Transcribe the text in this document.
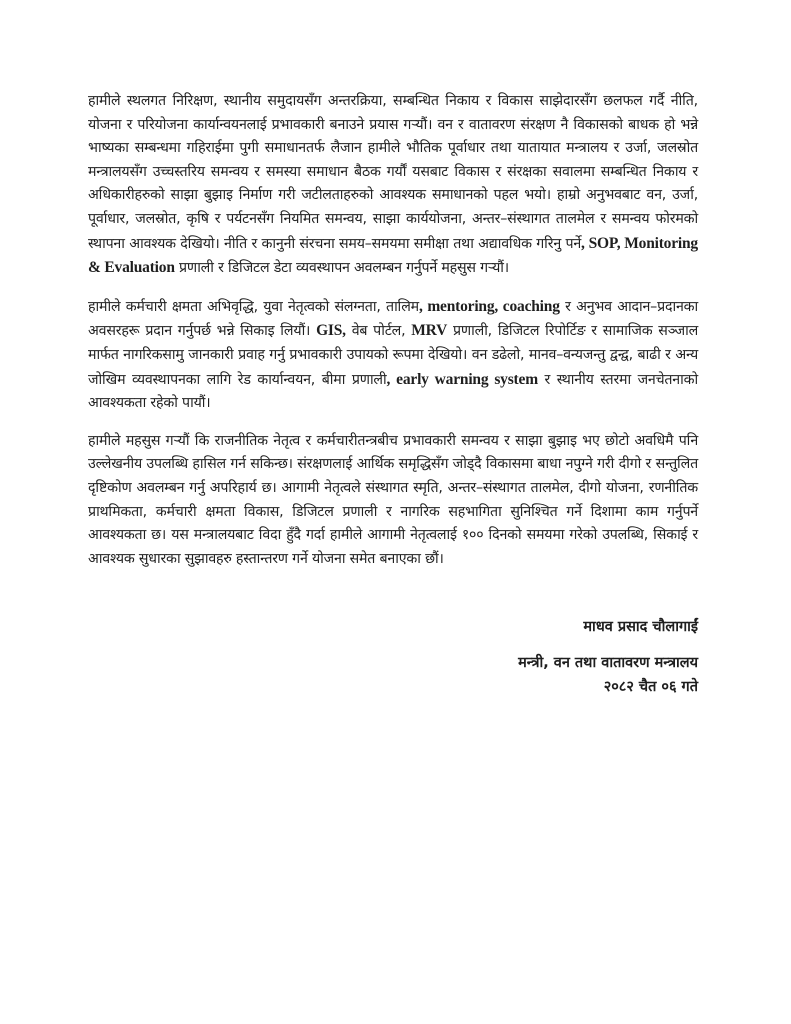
हामीले स्थलगत निरिक्षण, स्थानीय समुदायसँग अन्तरक्रिया, सम्बन्धित निकाय र विकास साझेदारसँग छलफल गर्दै नीति, योजना र परियोजना कार्यान्वयनलाई प्रभावकारी बनाउने प्रयास गर्‍यौं। वन र वातावरण संरक्षण नै विकासको बाधक हो भन्ने भाष्यका सम्बन्धमा गहिराईमा पुगी समाधानतर्फ लैजान हामीले भौतिक पूर्वाधार तथा यातायात मन्त्रालय र उर्जा, जलस्रोत मन्त्रालयसँग उच्चस्तरिय समन्वय र समस्या समाधान बैठक गर्यौं यसबाट विकास र संरक्षका सवालमा सम्बन्धित निकाय र अधिकारीहरुको साझा बुझाइ निर्माण गरी जटीलताहरुको आवश्यक समाधानको पहल भयो। हाम्रो अनुभवबाट वन, उर्जा, पूर्वाधार, जलस्रोत, कृषि र पर्यटनसँग नियमित समन्वय, साझा कार्ययोजना, अन्तर–संस्थागत तालमेल र समन्वय फोरमको स्थापना आवश्यक देखियो। नीति र कानुनी संरचना समय–समयमा समीक्षा तथा अद्यावधिक गरिनु पर्ने, SOP, Monitoring & Evaluation प्रणाली र डिजिटल डेटा व्यवस्थापन अवलम्बन गर्नुपर्ने महसुस गर्‍यौं।

हामीले कर्मचारी क्षमता अभिवृद्धि, युवा नेतृत्वको संलग्नता, तालिम, mentoring, coaching र अनुभव आदान–प्रदानका अवसरहरू प्रदान गर्नुपर्छ भन्ने सिकाइ लियौं। GIS, वेब पोर्टल, MRV प्रणाली, डिजिटल रिपोर्टिङ र सामाजिक सञ्जाल मार्फत नागरिकसामु जानकारी प्रवाह गर्नु प्रभावकारी उपायको रूपमा देखियो। वन डढेलो, मानव–वन्यजन्तु द्वन्द्व, बाढी र अन्य जोखिम व्यवस्थापनका लागि रेड कार्यान्वयन, बीमा प्रणाली, early warning system र स्थानीय स्तरमा जनचेतनाको आवश्यकता रहेको पायौं।

हामीले महसुस गर्‍यौं कि राजनीतिक नेतृत्व र कर्मचारीतन्त्रबीच प्रभावकारी समन्वय र साझा बुझाइ भए छोटो अवधिमै पनि उल्लेखनीय उपलब्धि हासिल गर्न सकिन्छ। संरक्षणलाई आर्थिक समृद्धिसँग जोड्दै विकासमा बाधा नपुग्ने गरी दीगो र सन्तुलित दृष्टिकोण अवलम्बन गर्नु अपरिहार्य छ। आगामी नेतृत्वले संस्थागत स्मृति, अन्तर–संस्थागत तालमेल, दीगो योजना, रणनीतिक प्राथमिकता, कर्मचारी क्षमता विकास, डिजिटल प्रणाली र नागरिक सहभागिता सुनिश्चित गर्ने दिशामा काम गर्नुपर्ने आवश्यकता छ। यस मन्त्रालयबाट विदा हुँदै गर्दा हामीले आगामी नेतृत्वलाई १०० दिनको समयमा गरेको उपलब्धि, सिकाई र आवश्यक सुधारका सुझावहरु हस्तान्तरण गर्ने योजना समेत बनाएका छौं।

माधव प्रसाद चौलागाईं
मन्त्री, वन तथा वातावरण मन्त्रालय
२०८२ चैत ०६ गते
